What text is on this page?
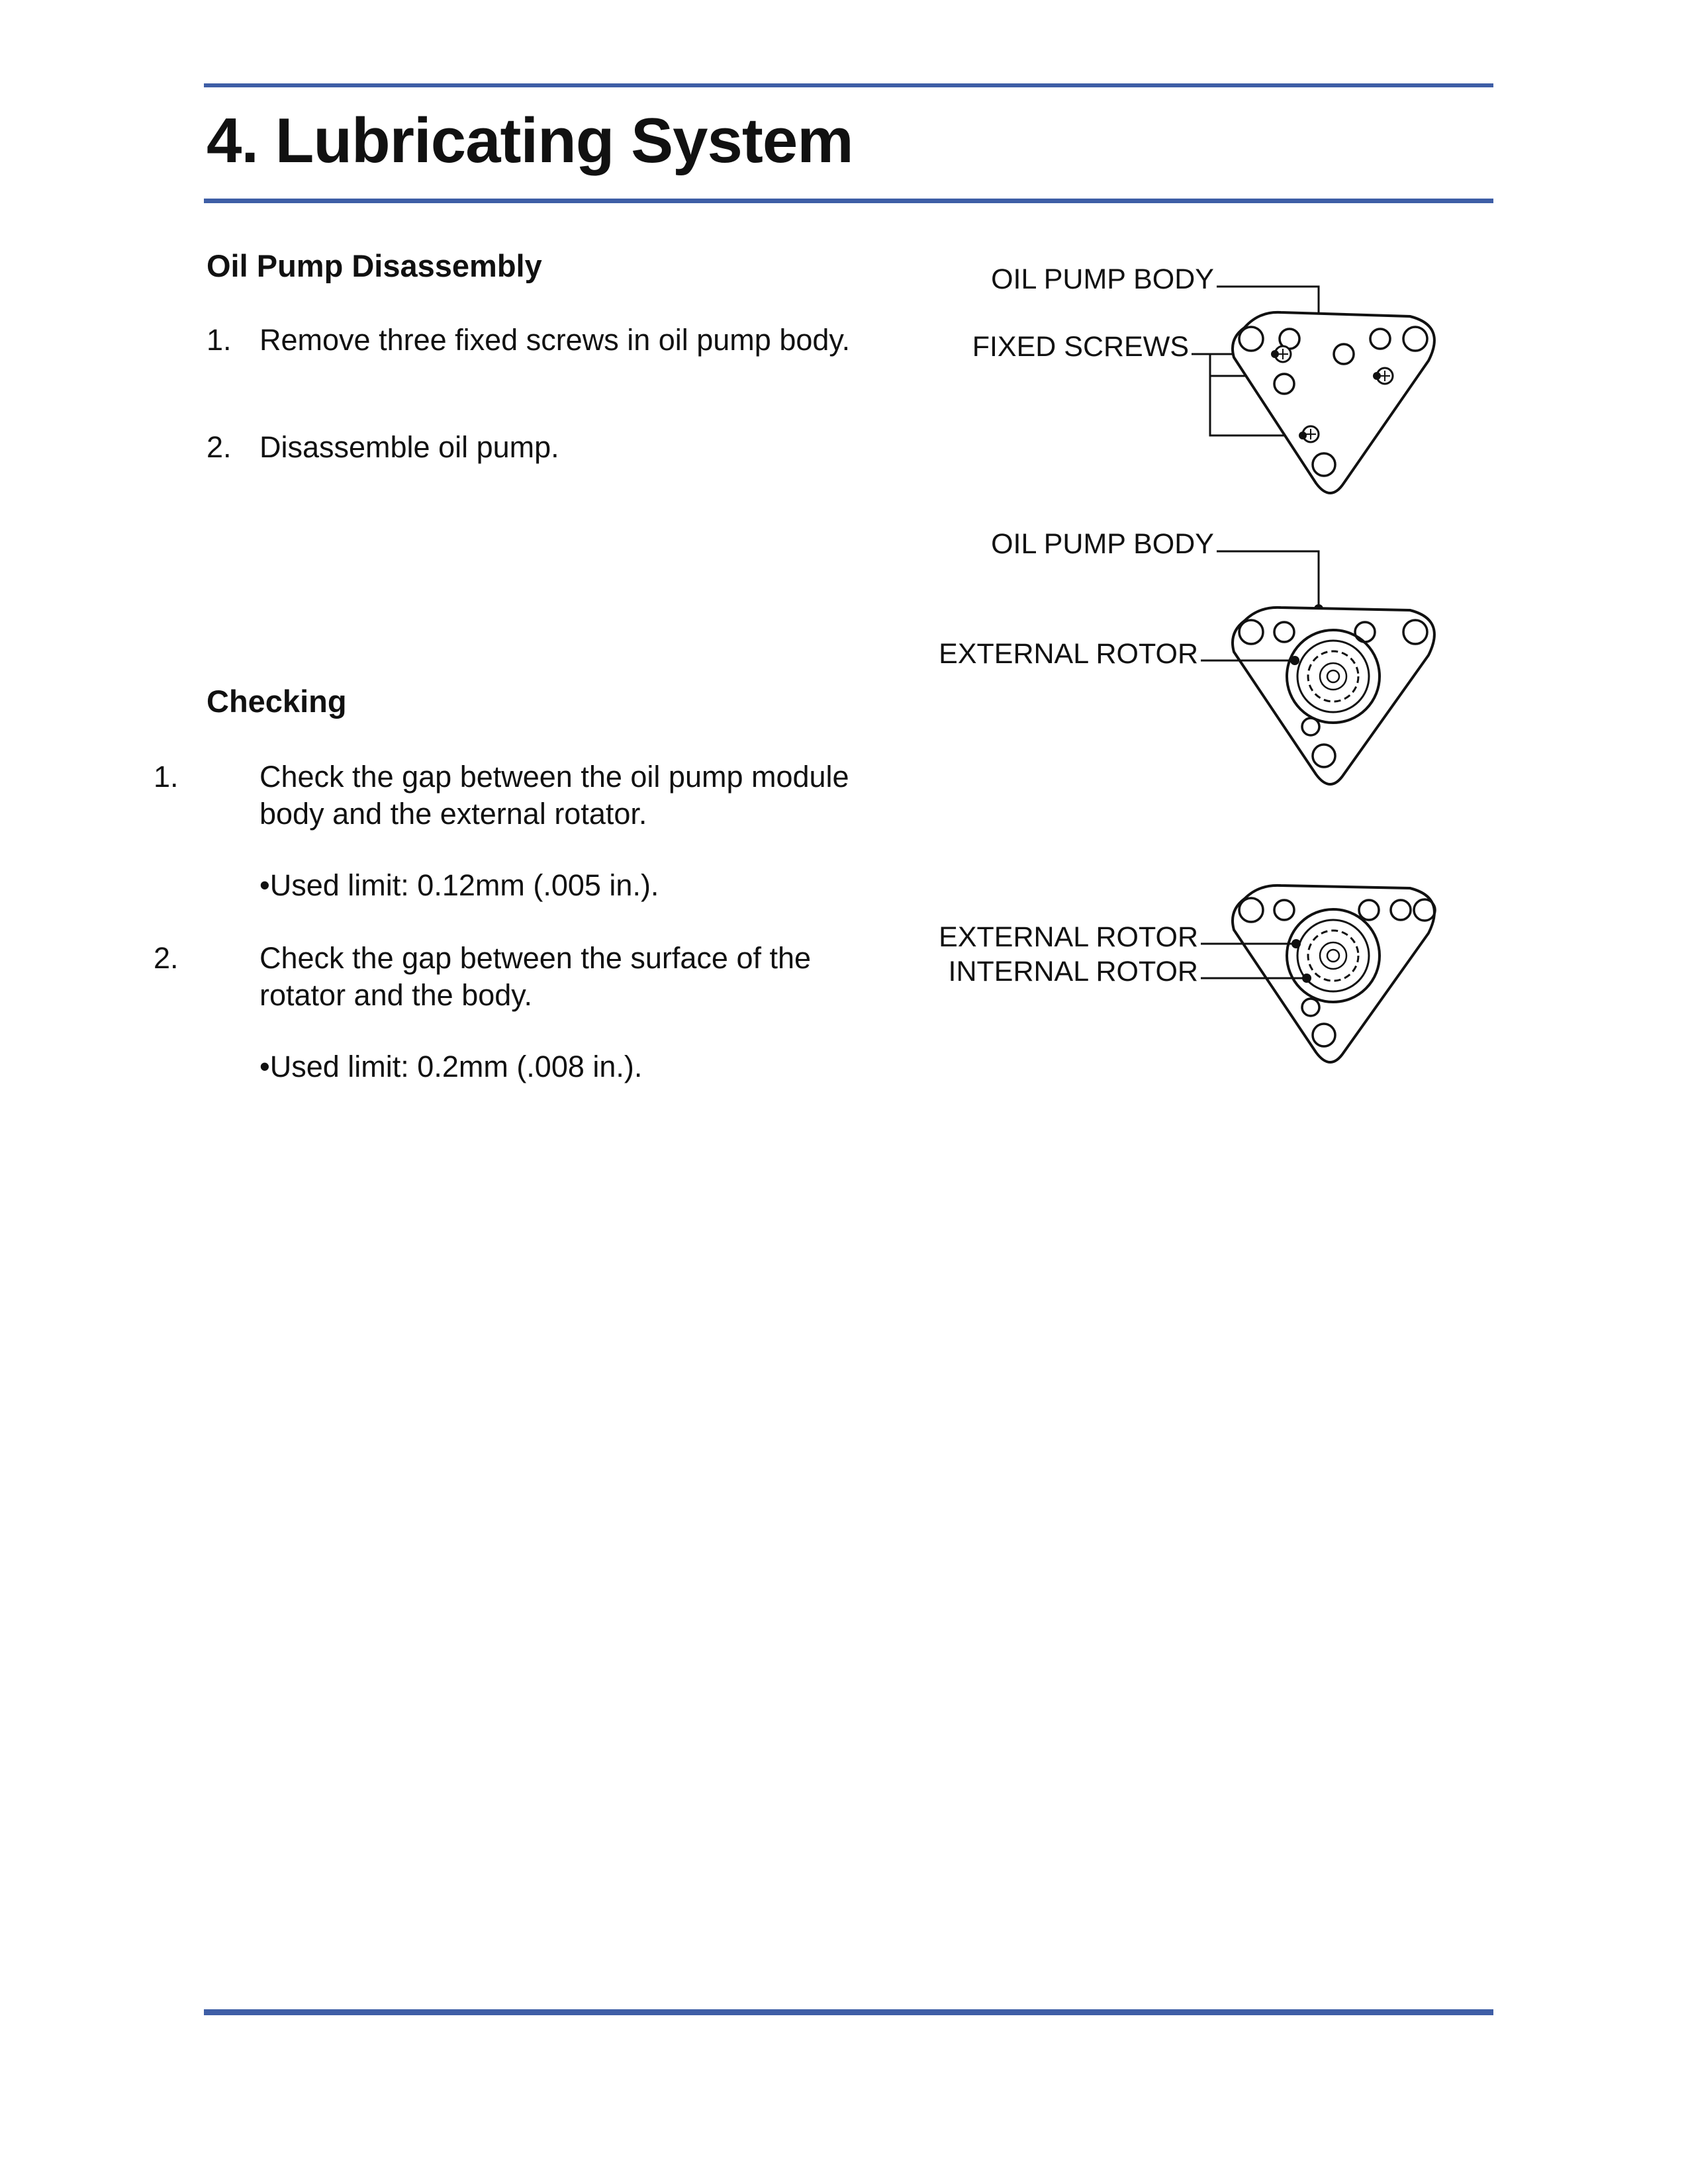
4. Lubricating System
Oil Pump Disassembly
1. Remove three fixed screws in oil pump body.
2. Disassemble oil pump.
Checking
1.	Check the gap between the oil pump module body and the external rotator.
•Used limit: 0.12mm (.005 in.).
2.	Check the gap between the surface of the rotator and the body.
•Used limit: 0.2mm (.008 in.).
OIL PUMP BODY
FIXED SCREWS
OIL PUMP BODY
EXTERNAL ROTOR
EXTERNAL ROTOR
INTERNAL ROTOR
